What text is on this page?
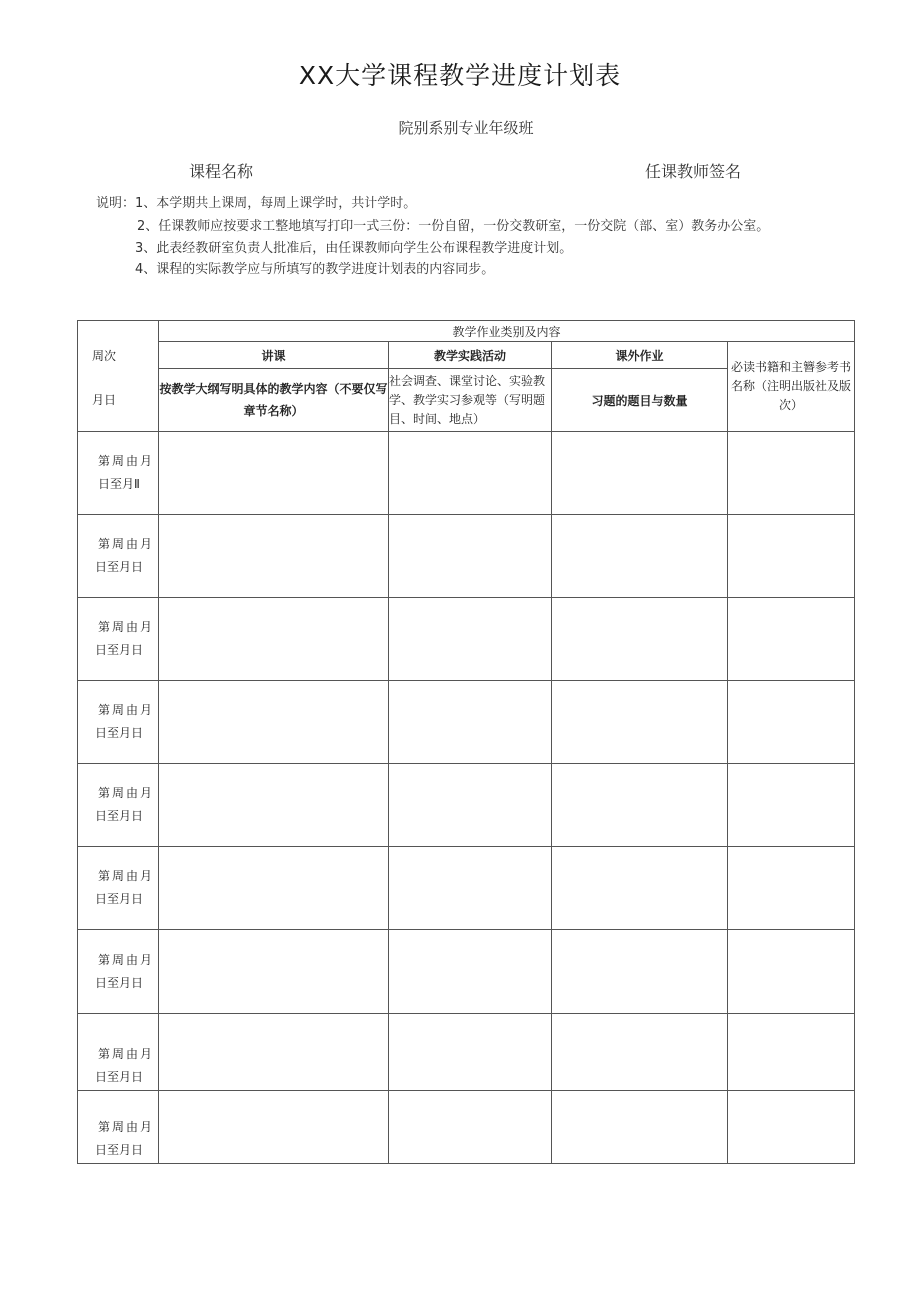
XX大学课程教学进度计划表
院别系别专业年级班
课程名称	任课教师签名
说明：1、本学期共上课周，每周上课学时，共计学时。
2、任课教师应按要求工整地填写打印一式三份：一份自留，一份交教研室，一份交院（部、室）教务办公室。
3、此表经教研室负责人批准后，由任课教师向学生公布课程教学进度计划。
4、课程的实际教学应与所填写的教学进度计划表的内容同步。
周次
月日	教学作业类别及内容			
	讲课	教学实践活动	课外作业	必读书籍和主簪参考书名称（注明出版社及版次）
	按教学大纲写明具体的教学内容（不要仅写章节名称）	社会调查、课堂讨论、实验教学、教学实习参观等（写明题目、时间、地点）	习题的题目与数量	

第周由月
日至月Ⅱ				

第周由月
日至月日				

第周由月
日至月日				

第周由月
日至月日				

第周由月
日至月日				

第周由月
日至月日				

第周由月
日至月日				

第周由月
日至月日				

第周由月
日至月日				
